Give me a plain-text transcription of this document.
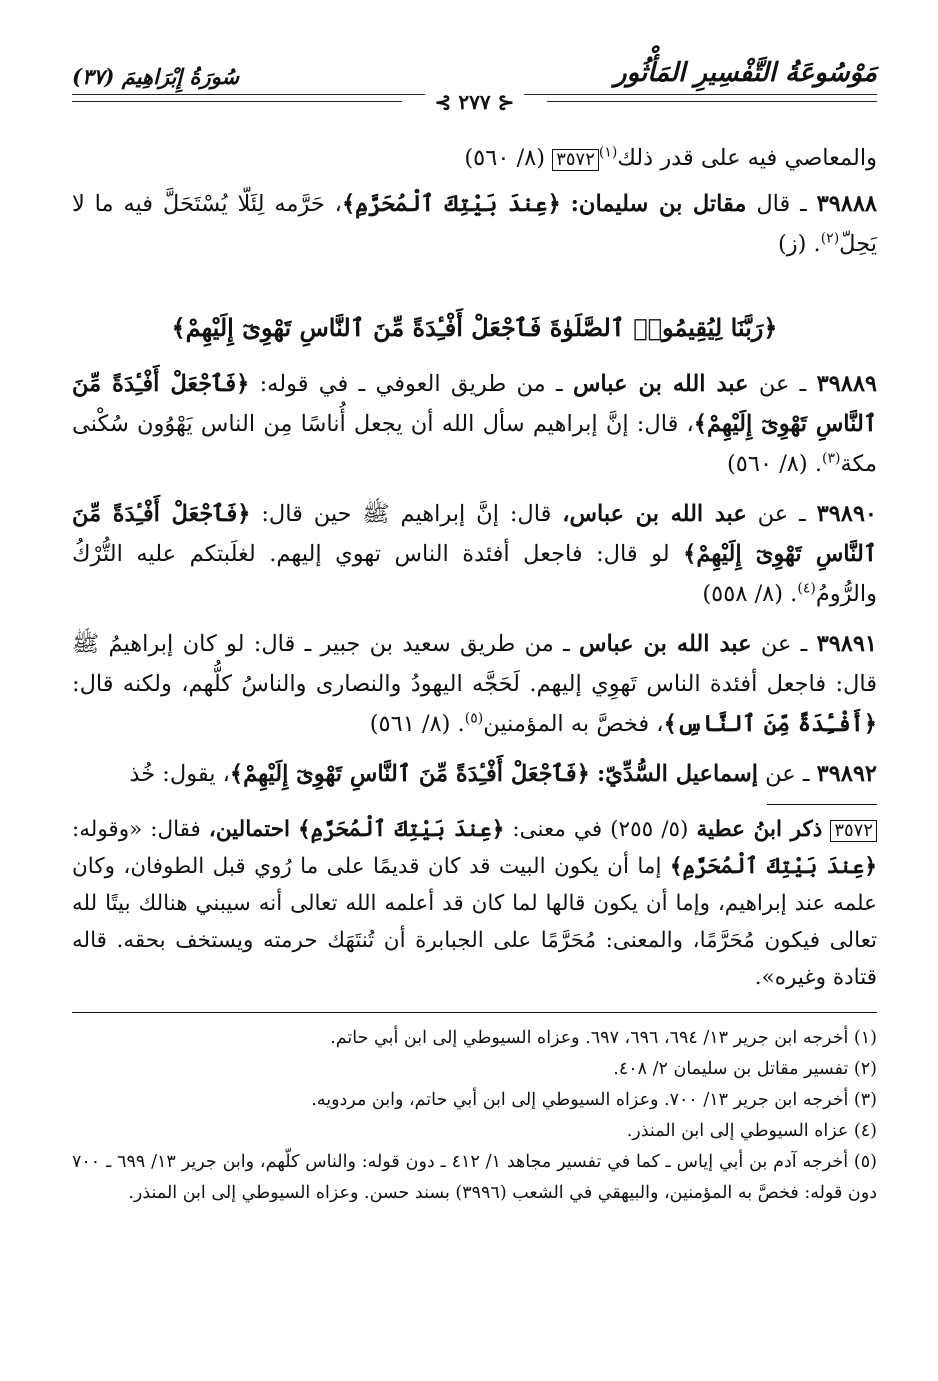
مَوْسُوعَةُ التَّفْسِيرِ المَأْثُور
سُورَةُ إِبْرَاهِيمَ (٣٧)
⊰ ٢٧٧ ⊱

والمعاصي فيه على قدر ذلك$^{(١)}$٣٥٧٢ (٨/ ٥٦٠)

٣٩٨٨٨ ـ قال مقاتل بن سليمان: ﴿عِندَ بَيْتِكَ ٱلْمُحَرَّمِ﴾، حَرَّمه لِئَلّا يُسْتَحَلَّ فيه ما لا يَحِلّ$^{(٢)}$. (ز)

﴿رَبَّنَا لِيُقِيمُوا۟ ٱلصَّلَوٰةَ فَٱجْعَلْ أَفْـِٔدَةً مِّنَ ٱلنَّاسِ تَهْوِىٓ إِلَيْهِمْ﴾

٣٩٨٨٩ ـ عن عبد الله بن عباس ـ من طريق العوفي ـ في قوله: ﴿فَٱجْعَلْ أَفْـِٔدَةً مِّنَ ٱلنَّاسِ تَهْوِىٓ إِلَيْهِمْ﴾، قال: إنَّ إبراهيم سأل الله أن يجعل أُناسًا مِن الناس يَهْوُون سُكْنى مكة$^{(٣)}$. (٨/ ٥٦٠)

٣٩٨٩٠ ـ عن عبد الله بن عباس، قال: إنَّ إبراهيم ﷺ حين قال: ﴿فَٱجْعَلْ أَفْـِٔدَةً مِّنَ ٱلنَّاسِ تَهْوِىٓ إِلَيْهِمْ﴾ لو قال: فاجعل أفئدة الناس تهوي إليهم. لغلَبتكم عليه التُّرْكُ والرُّومُ$^{(٤)}$. (٨/ ٥٥٨)

٣٩٨٩١ ـ عن عبد الله بن عباس ـ من طريق سعيد بن جبير ـ قال: لو كان إبراهيمُ ﷺ قال: فاجعل أفئدة الناس تَهوِي إليهم. لَحَجَّه اليهودُ والنصارى والناسُ كلُّهم، ولكنه قال: ﴿أَفْـِٔدَةً مِّنَ ٱلنَّاسِ﴾، فخصَّ به المؤمنين$^{(٥)}$. (٨/ ٥٦١)

٣٩٨٩٢ ـ عن إسماعيل السُّدِّيّ: ﴿فَٱجْعَلْ أَفْـِٔدَةً مِّنَ ٱلنَّاسِ تَهْوِىٓ إِلَيْهِمْ﴾، يقول: خُذ

٣٥٧٢ ذكر ابنُ عطية (٥/ ٢٥٥) في معنى: ﴿عِندَ بَيْتِكَ ٱلْمُحَرَّمِ﴾ احتمالين، فقال: «وقوله: ﴿عِندَ بَيْتِكَ ٱلْمُحَرَّمِ﴾ إما أن يكون البيت قد كان قديمًا على ما رُوي قبل الطوفان، وكان علمه عند إبراهيم، وإما أن يكون قالها لما كان قد أعلمه الله تعالى أنه سيبني هنالك بيتًا لله تعالى فيكون مُحَرَّمًا، والمعنى: مُحَرَّمًا على الجبابرة أن تُنتَهَك حرمته ويستخف بحقه. قاله قتادة وغيره».

(١) أخرجه ابن جرير ١٣/ ٦٩٤، ٦٩٦، ٦٩٧. وعزاه السيوطي إلى ابن أبي حاتم.

(٢) تفسير مقاتل بن سليمان ٢/ ٤٠٨.

(٣) أخرجه ابن جرير ١٣/ ٧٠٠. وعزاه السيوطي إلى ابن أبي حاتم، وابن مردويه.

(٤) عزاه السيوطي إلى ابن المنذر.

(٥) أخرجه آدم بن أبي إياس ـ كما في تفسير مجاهد ١/ ٤١٢ ـ دون قوله: والناس كلّهم، وابن جرير ١٣/ ٦٩٩ ـ ٧٠٠ دون قوله: فخصَّ به المؤمنين، والبيهقي في الشعب (٣٩٩٦) بسند حسن. وعزاه السيوطي إلى ابن المنذر.
